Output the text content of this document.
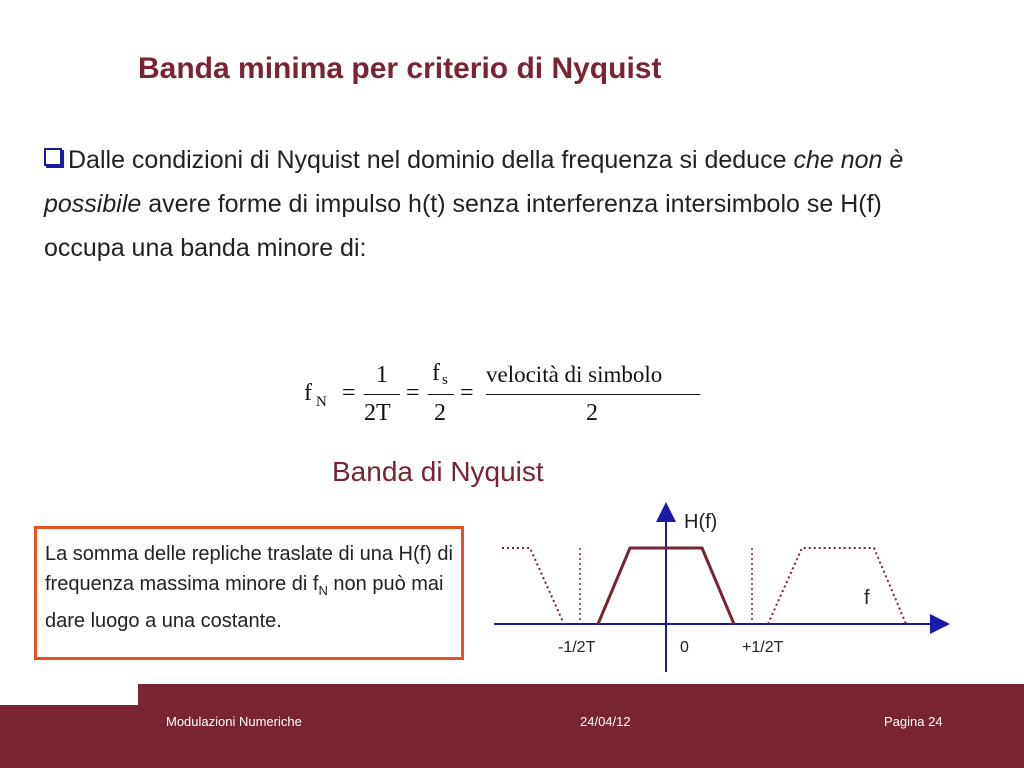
Banda minima per criterio di Nyquist
Dalle condizioni di Nyquist nel dominio della frequenza si deduce che non è possibile avere forme di impulso h(t) senza interferenza intersimbolo se H(f) occupa una banda minore di:
f N =
1
2T
=
f s
2
=
velocità di simbolo
2
Banda di Nyquist
La somma delle repliche traslate di una H(f) di frequenza massima minore di $f_N$ non può mai dare luogo a una costante.
H(f)
f
-1/2T	0	+1/2T
Modulazioni Numeriche	24/04/12	Pagina 24
